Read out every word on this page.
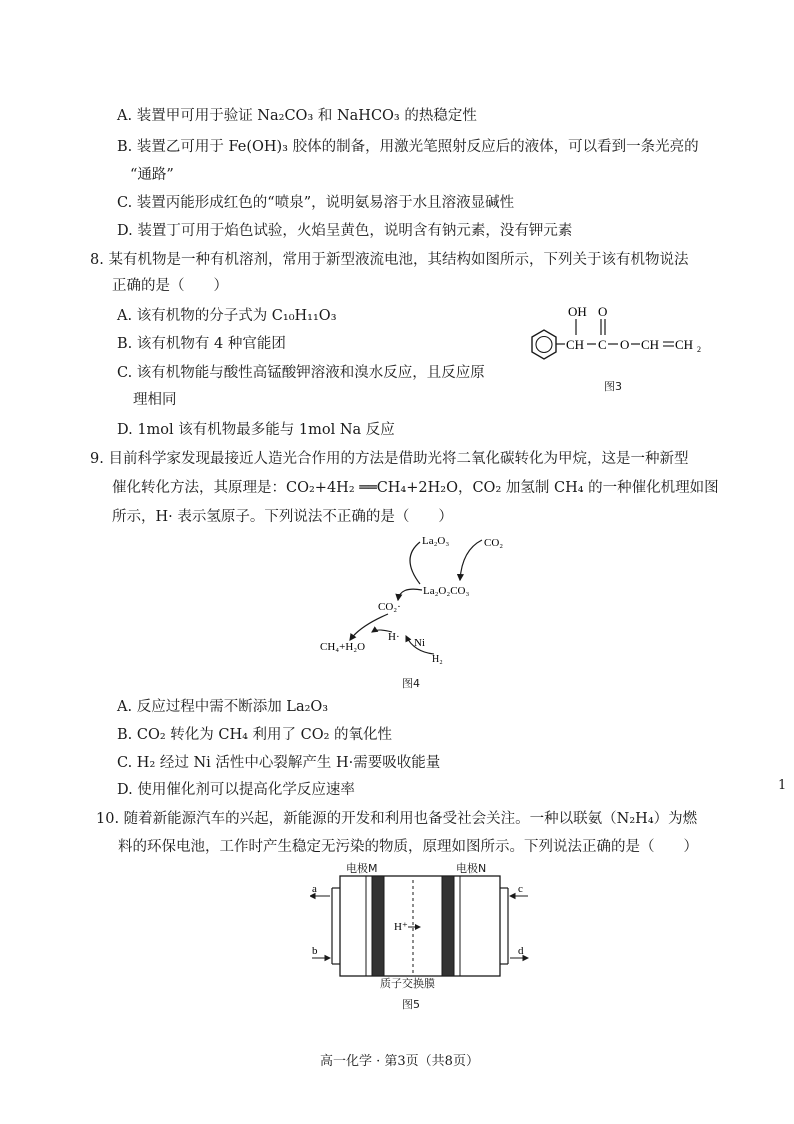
A. 装置甲可用于验证 Na₂CO₃ 和 NaHCO₃ 的热稳定性
B. 装置乙可用于 Fe(OH)₃ 胶体的制备，用激光笔照射反应后的液体，可以看到一条光亮的
“通路”
C. 装置丙能形成红色的“喷泉”，说明氨易溶于水且溶液显碱性
D. 装置丁可用于焰色试验，火焰呈黄色，说明含有钠元素，没有钾元素
8. 某有机物是一种有机溶剂，常用于新型液流电池，其结构如图所示，下列关于该有机物说法
正确的是（　　）
A. 该有机物的分子式为 C₁₀H₁₁O₃
B. 该有机物有 4 种官能团
C. 该有机物能与酸性高锰酸钾溶液和溴水反应，且反应原
理相同
D. 1mol 该有机物最多能与 1mol Na 反应
CH
OH
C
O
O CH CH 2
图3
9. 目前科学家发现最接近人造光合作用的方法是借助光将二氧化碳转化为甲烷，这是一种新型
催化转化方法，其原理是：CO₂+4H₂ ══CH₄+2H₂O，CO₂ 加氢制 CH₄ 的一种催化机理如图
所示，H· 表示氢原子。下列说法不正确的是（　　）
La₂O₃	CO₂
La₂O₂CO₃
CO₂·
H· Ni
H₂
CH₄+H₂O
图4
A. 反应过程中需不断添加 La₂O₃
B. CO₂ 转化为 CH₄ 利用了 CO₂ 的氧化性
C. H₂ 经过 Ni 活性中心裂解产生 H·需要吸收能量
D. 使用催化剂可以提高化学反应速率	1
10. 随着新能源汽车的兴起，新能源的开发和利用也备受社会关注。一种以联氨（N₂H₄）为燃
料的环保电池，工作时产生稳定无污染的物质，原理如图所示。下列说法正确的是（　　）
H⁺
a
b
c
d
电极M	电极N
质子交换膜
图5
高一化学 · 第3页（共8页）
